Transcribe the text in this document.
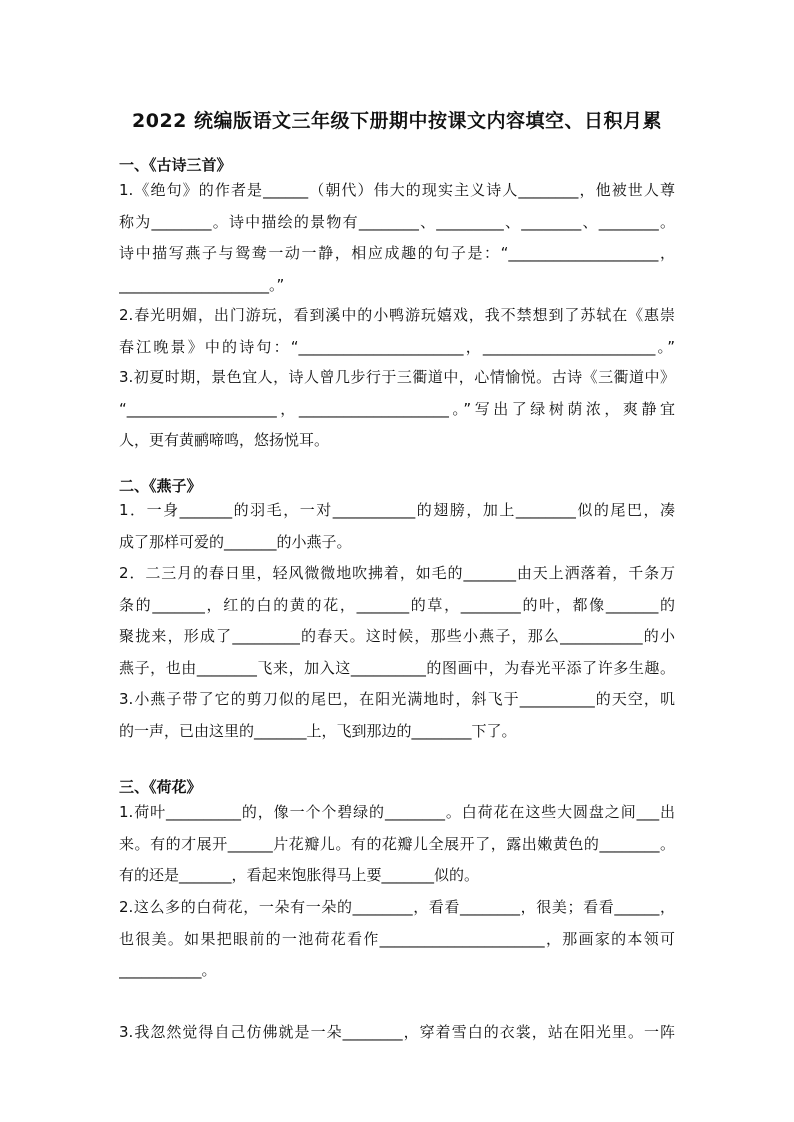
2022 统编版语文三年级下册期中按课文内容填空、日积月累
一、《古诗三首》
1.《绝句》的作者是______（朝代）伟大的现实主义诗人________，他被世人尊
称为________。诗中描绘的景物有________、_________、________、________。
诗中描写燕子与鸳鸯一动一静，相应成趣的句子是：“____________________，
____________________。”
2.春光明媚，出门游玩，看到溪中的小鸭游玩嬉戏，我不禁想到了苏轼在《惠崇
春江晚景》中的诗句：“______________________，_______________________。”
3.初夏时期，景色宜人，诗人曾几步行于三衢道中，心情愉悦。古诗《三衢道中》
“____________________，____________________。”写出了绿树荫浓，爽静宜
人，更有黄鹂啼鸣，悠扬悦耳。
二、《燕子》
1．一身_______的羽毛，一对___________的翅膀，加上________似的尾巴，凑
成了那样可爱的_______的小燕子。
2．二三月的春日里，轻风微微地吹拂着，如毛的_______由天上洒落着，千条万
条的_______，红的白的黄的花，_______的草，________的叶，都像_______的
聚拢来，形成了_________的春天。这时候，那些小燕子，那么___________的小
燕子，也由________飞来，加入这__________的图画中，为春光平添了许多生趣。
3.小燕子带了它的剪刀似的尾巴，在阳光满地时，斜飞于__________的天空，叽
的一声，已由这里的_______上，飞到那边的________下了。
三、《荷花》
1.荷叶__________的，像一个个碧绿的________。白荷花在这些大圆盘之间___出
来。有的才展开______片花瓣儿。有的花瓣儿全展开了，露出嫩黄色的________。
有的还是_______，看起来饱胀得马上要_______似的。
2.这么多的白荷花，一朵有一朵的________，看看________，很美；看看______，
也很美。如果把眼前的一池荷花看作______________________，那画家的本领可
___________。
3.我忽然觉得自己仿佛就是一朵________，穿着雪白的衣裳，站在阳光里。一阵
